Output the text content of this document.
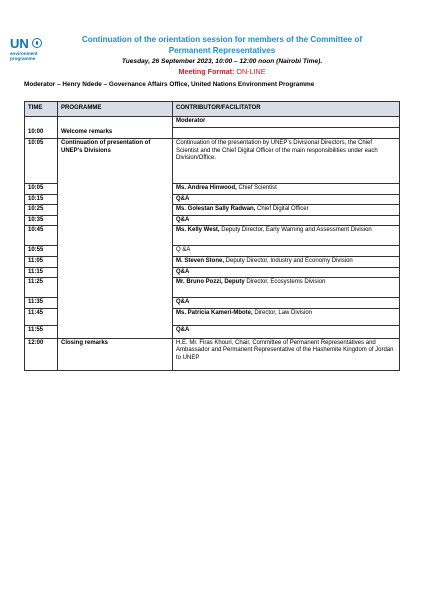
UN
environment
programme
Continuation of the orientation session for members of the Committee of Permanent Representatives
Tuesday, 26 September 2023, 10:00 – 12:00 noon (Nairobi Time).
Meeting Format: ON-LINE
Moderator – Henry Ndede – Governance Affairs Office, United Nations Environment Programme
TIME	PROGRAMME	CONTRIBUTOR/FACILITATOR
		Moderator
10:00	Welcome remarks	
10:05	Continuation of presentation of UNEP’s Divisions	Continuation of the presentation by UNEP’s Divisional Directors, the Chief Scientist and the Chief Digital Officer of the main responsibilities under each Division/Office.
10:05		Ms. Andrea Hinwood, Chief Scientist
10:15		Q&A
10:25		Ms. Golestan Sally Radwan, Chief Digital Officer
10:35		Q&A
10:45		Ms. Kelly West, Deputy Director, Early Warning and Assessment Division
10:55		Q &A
11:05		M. Steven Stone, Deputy Director, Industry and Economy Division
11:15		Q&A
11:25		Mr. Bruno Pozzi, Deputy Director, Ecosystems Division
11:35		Q&A
11:45		Ms. Patricia Kameri-Mbote, Director, Law Division
11:55		Q&A
12:00	Closing remarks	H.E. Mr. Firas Khouri, Chair, Committee of Permanent Representatives and Ambassador and Permanent Representative of the Hashemite Kingdom of Jordan to UNEP
